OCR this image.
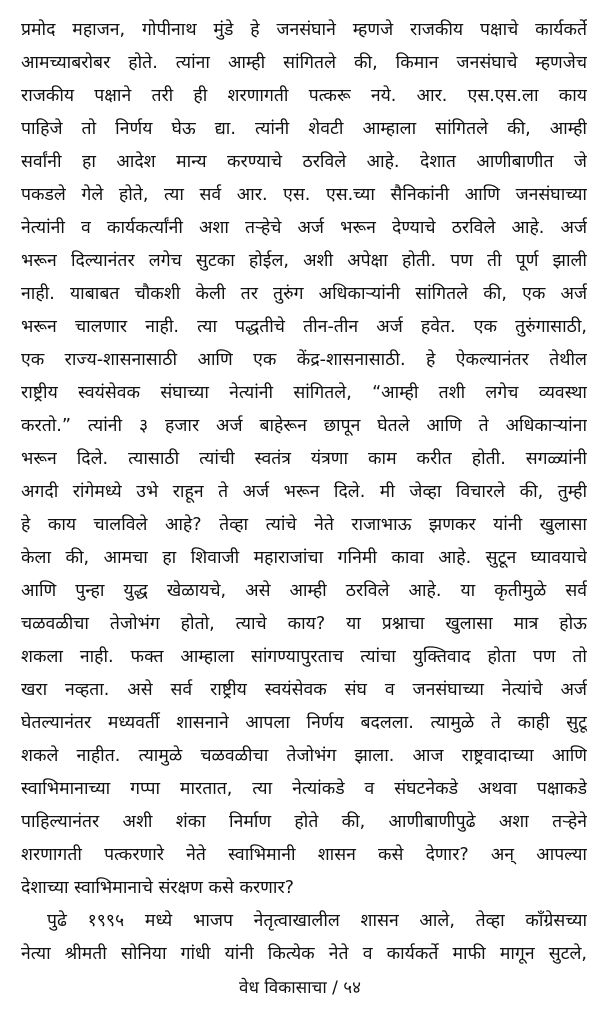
प्रमोद महाजन, गोपीनाथ मुंडे हे जनसंघाने म्हणजे राजकीय पक्षाचे कार्यकर्ते
आमच्याबरोबर होते. त्यांना आम्ही सांगितले की, किमान जनसंघाचे म्हणजेच
राजकीय पक्षाने तरी ही शरणागती पत्करू नये. आर. एस.एस.ला काय
पाहिजे तो निर्णय घेऊ द्या. त्यांनी शेवटी आम्हाला सांगितले की, आम्ही
सर्वांनी हा आदेश मान्य करण्याचे ठरविले आहे. देशात आणीबाणीत जे
पकडले गेले होते, त्या सर्व आर. एस. एस.च्या सैनिकांनी आणि जनसंघाच्या
नेत्यांनी व कार्यकर्त्यांनी अशा तऱ्हेचे अर्ज भरून देण्याचे ठरविले आहे. अर्ज
भरून दिल्यानंतर लगेच सुटका होईल, अशी अपेक्षा होती. पण ती पूर्ण झाली
नाही. याबाबत चौकशी केली तर तुरुंग अधिकाऱ्यांनी सांगितले की, एक अर्ज
भरून चालणार नाही. त्या पद्धतीचे तीन-तीन अर्ज हवेत. एक तुरुंगासाठी,
एक राज्य-शासनासाठी आणि एक केंद्र-शासनासाठी. हे ऐकल्यानंतर तेथील
राष्ट्रीय स्वयंसेवक संघाच्या नेत्यांनी सांगितले, “आम्ही तशी लगेच व्यवस्था
करतो.” त्यांनी ३ हजार अर्ज बाहेरून छापून घेतले आणि ते अधिकाऱ्यांना
भरून दिले. त्यासाठी त्यांची स्वतंत्र यंत्रणा काम करीत होती. सगळ्यांनी
अगदी रांगेमध्ये उभे राहून ते अर्ज भरून दिले. मी जेव्हा विचारले की, तुम्ही
हे काय चालविले आहे? तेव्हा त्यांचे नेते राजाभाऊ झणकर यांनी खुलासा
केला की, आमचा हा शिवाजी महाराजांचा गनिमी कावा आहे. सुटून घ्यावयाचे
आणि पुन्हा युद्ध खेळायचे, असे आम्ही ठरविले आहे. या कृतीमुळे सर्व
चळवळीचा तेजोभंग होतो, त्याचे काय? या प्रश्नाचा खुलासा मात्र होऊ
शकला नाही. फक्त आम्हाला सांगण्यापुरताच त्यांचा युक्तिवाद होता पण तो
खरा नव्हता. असे सर्व राष्ट्रीय स्वयंसेवक संघ व जनसंघाच्या नेत्यांचे अर्ज
घेतल्यानंतर मध्यवर्ती शासनाने आपला निर्णय बदलला. त्यामुळे ते काही सुटू
शकले नाहीत. त्यामुळे चळवळीचा तेजोभंग झाला. आज राष्ट्रवादाच्या आणि
स्वाभिमानाच्या गप्पा मारतात, त्या नेत्यांकडे व संघटनेकडे अथवा पक्षाकडे
पाहिल्यानंतर अशी शंका निर्माण होते की, आणीबाणीपुढे अशा तऱ्हेने
शरणागती पत्करणारे नेते स्वाभिमानी शासन कसे देणार? अन् आपल्या
देशाच्या स्वाभिमानाचे संरक्षण कसे करणार?
पुढे १९९५ मध्ये भाजप नेतृत्वाखालील शासन आले, तेव्हा कॉंग्रेसच्या
नेत्या श्रीमती सोनिया गांधी यांनी कित्येक नेते व कार्यकर्ते माफी मागून सुटले,
वेध विकासाचा / ५४
